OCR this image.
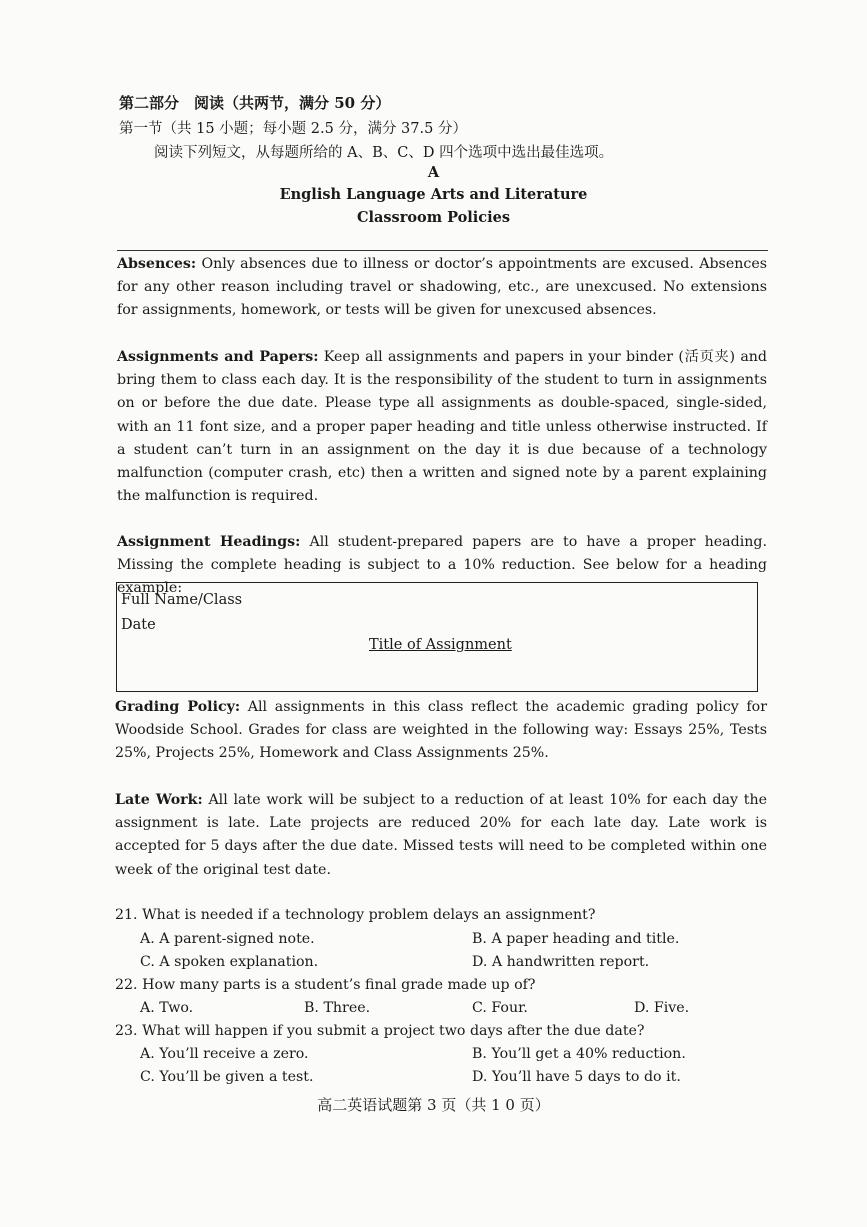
第二部分　阅读（共两节，满分 50 分）
第一节（共 15 小题；每小题 2.5 分，满分 37.5 分）
阅读下列短文，从每题所给的 A、B、C、D 四个选项中选出最佳选项。
A
English Language Arts and Literature
Classroom Policies
Absences: Only absences due to illness or doctor’s appointments are excused. Absences for any other reason including travel or shadowing, etc., are unexcused. No extensions for assignments, homework, or tests will be given for unexcused absences.
Assignments and Papers: Keep all assignments and papers in your binder (活页夹) and bring them to class each day. It is the responsibility of the student to turn in assignments on or before the due date. Please type all assignments as double-spaced, single-sided, with an 11 font size, and a proper paper heading and title unless otherwise instructed. If a student can’t turn in an assignment on the day it is due because of a technology malfunction (computer crash, etc) then a written and signed note by a parent explaining the malfunction is required.
Assignment Headings: All student-prepared papers are to have a proper heading. Missing the complete heading is subject to a 10% reduction. See below for a heading example:
Full Name/Class
Date
Title of Assignment
Grading Policy: All assignments in this class reflect the academic grading policy for Woodside School. Grades for class are weighted in the following way: Essays 25%, Tests 25%, Projects 25%, Homework and Class Assignments 25%.
Late Work: All late work will be subject to a reduction of at least 10% for each day the assignment is late. Late projects are reduced 20% for each late day. Late work is accepted for 5 days after the due date. Missed tests will need to be completed within one week of the original test date.
21. What is needed if a technology problem delays an assignment?
A. A parent-signed note.	B. A paper heading and title.
C. A spoken explanation.	D. A handwritten report.
22. How many parts is a student’s final grade made up of?
A. Two.	B. Three.	C. Four.	D. Five.
23. What will happen if you submit a project two days after the due date?
A. You’ll receive a zero.	B. You’ll get a 40% reduction.
C. You’ll be given a test.	D. You’ll have 5 days to do it.
高二英语试题第 3 页（共 1 0 页）
